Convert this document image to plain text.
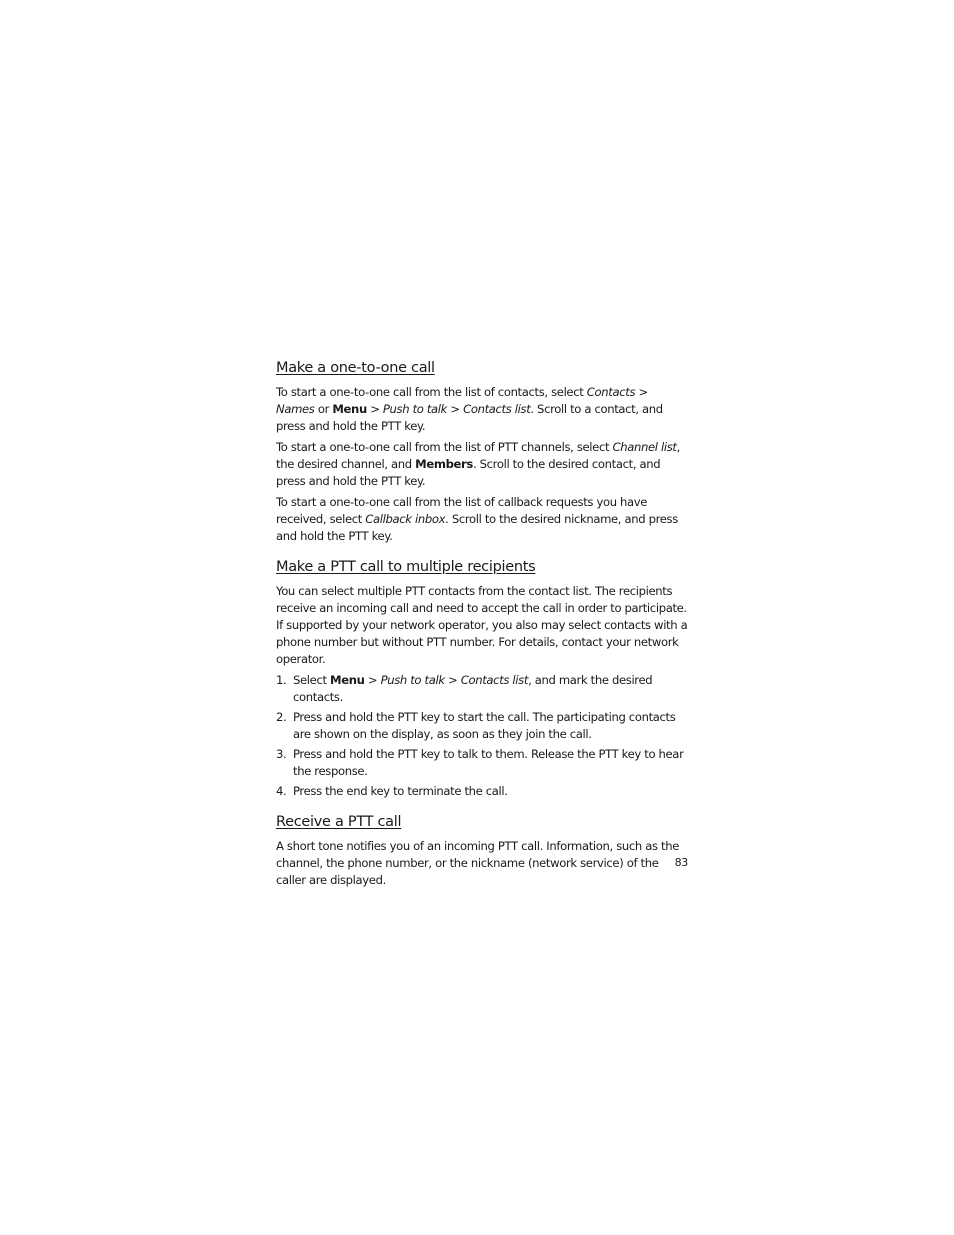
Make a one-to-one call

To start a one-to-one call from the list of contacts, select Contacts > Names or Menu > Push to talk > Contacts list. Scroll to a contact, and press and hold the PTT key.

To start a one-to-one call from the list of PTT channels, select Channel list, the desired channel, and Members. Scroll to the desired contact, and press and hold the PTT key.

To start a one-to-one call from the list of callback requests you have received, select Callback inbox. Scroll to the desired nickname, and press and hold the PTT key.

Make a PTT call to multiple recipients

You can select multiple PTT contacts from the contact list. The recipients receive an incoming call and need to accept the call in order to participate. If supported by your network operator, you also may select contacts with a phone number but without PTT number. For details, contact your network operator.

1. Select Menu > Push to talk > Contacts list, and mark the desired contacts.
2. Press and hold the PTT key to start the call. The participating contacts are shown on the display, as soon as they join the call.
3. Press and hold the PTT key to talk to them. Release the PTT key to hear the response.
4. Press the end key to terminate the call.
Receive a PTT call

A short tone notifies you of an incoming PTT call. Information, such as the channel, the phone number, or the nickname (network service) of the caller are displayed.

83
